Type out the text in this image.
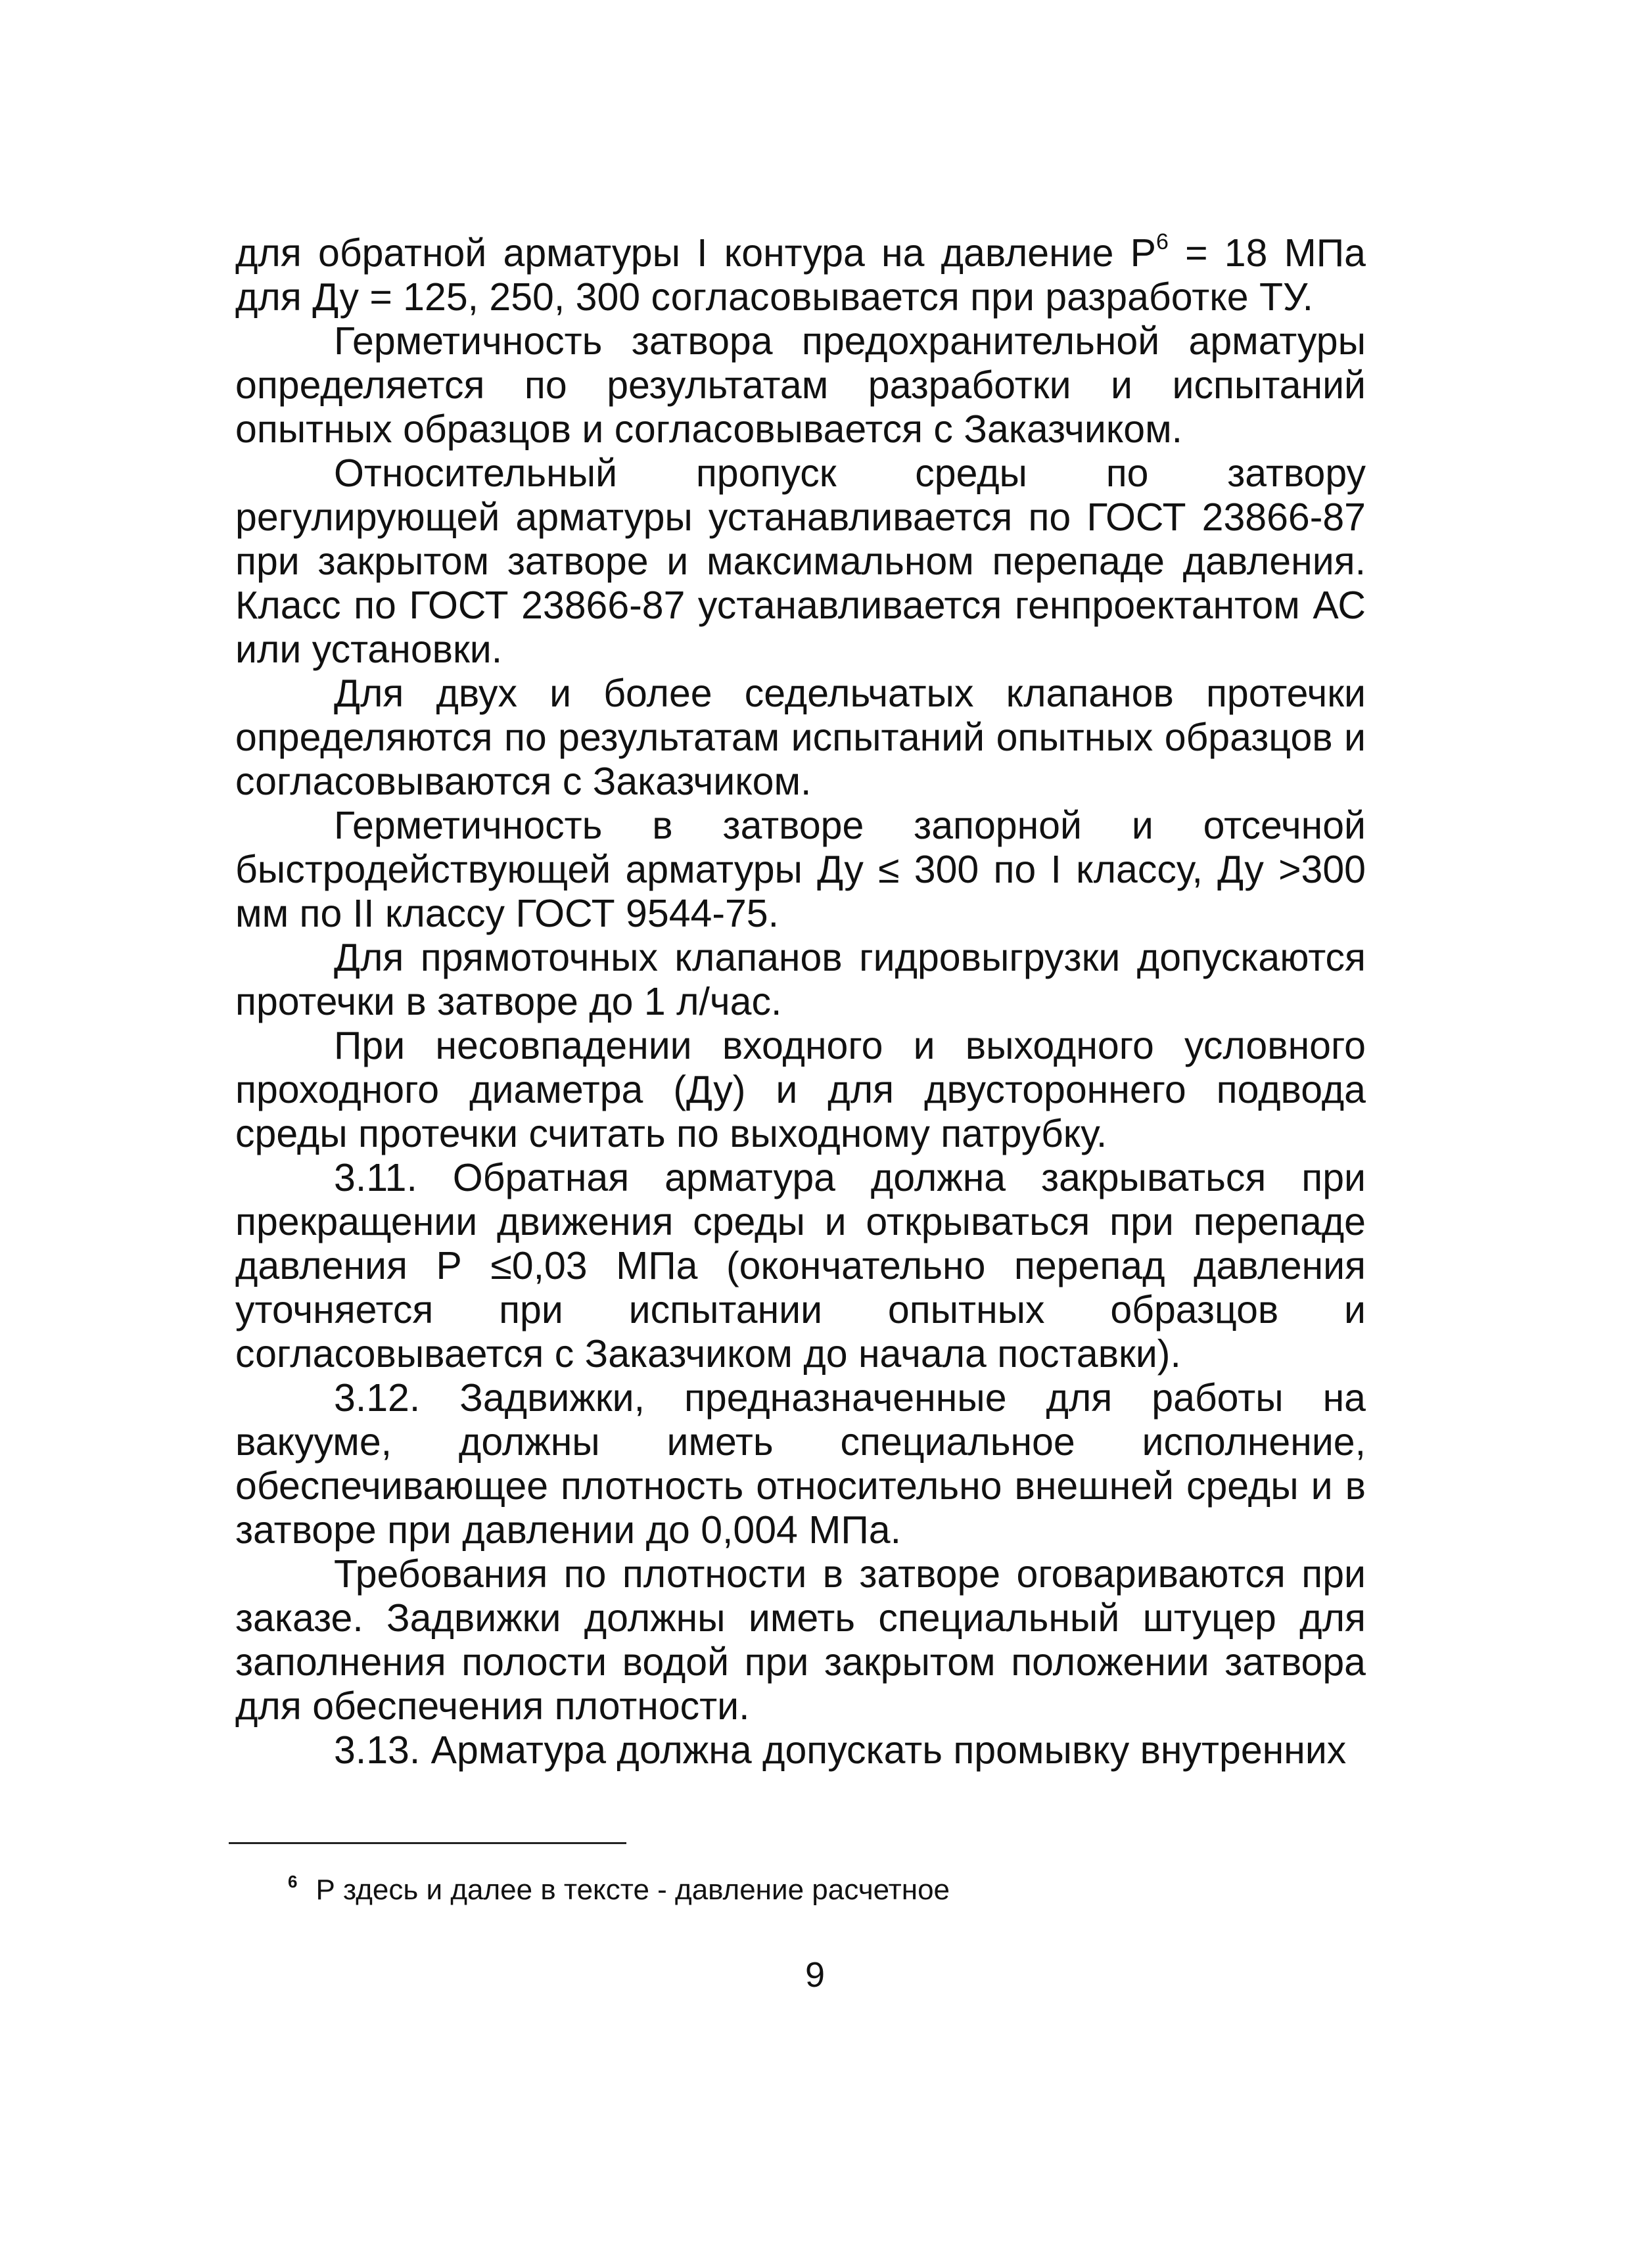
для обратной арматуры I контура на давление Р$^6$ = 18 МПа для Ду = 125, 250, 300 согласовывается при разработке ТУ.

Герметичность затвора предохранительной арматуры определяется по результатам разработки и испытаний опытных образцов и согласовывается с Заказчиком.

Относительный пропуск среды по затвору регулирующей арматуры устанавливается по ГОСТ 23866-87 при закрытом затворе и максимальном перепаде давления. Класс по ГОСТ 23866-87 устанавливается генпроектантом АС или установки.

Для двух и более седельчатых клапанов протечки определяются по результатам испытаний опытных образцов и согласовываются с Заказчиком.

Герметичность в затворе запорной и отсечной быстродействующей арматуры Ду ≤ 300 по I классу, Ду >300 мм по II классу ГОСТ 9544-75.

Для прямоточных клапанов гидровыгрузки допускаются протечки в затворе до 1 л/час.

При несовпадении входного и выходного условного проходного диаметра (Ду) и для двустороннего подвода среды протечки считать по выходному патрубку.

3.11. Обратная арматура должна закрываться при прекращении движения среды и открываться при перепаде давления Р ≤0,03 МПа (окончательно перепад давления уточняется при испытании опытных образцов и согласовывается с Заказчиком до начала поставки).

3.12. Задвижки, предназначенные для работы на вакууме, должны иметь специальное исполнение, обеспечивающее плотность относительно внешней среды и в затворе при давлении до 0,004 МПа.

Требования по плотности в затворе оговариваются при заказе. Задвижки должны иметь специальный штуцер для заполнения полости водой при закрытом положении затвора для обеспечения плотности.

3.13. Арматура должна допускать промывку внутренних

$^6$ Р здесь и далее в тексте - давление расчетное
9
